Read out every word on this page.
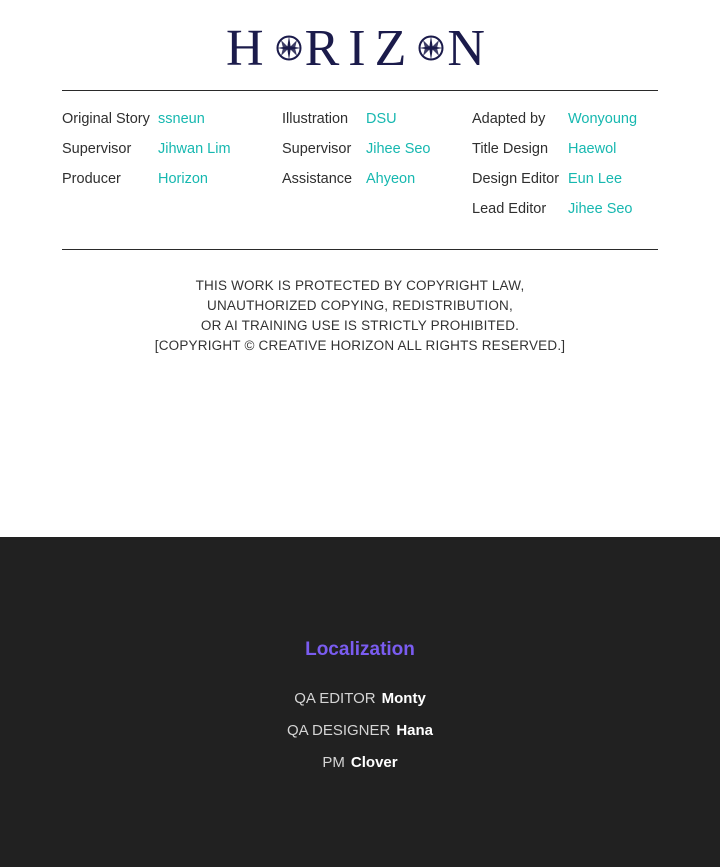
H RIZ N
Original Story ssneun
Supervisor	Jihwan Lim
Producer	Horizon
Illustration	DSU
Supervisor	Jihee Seo
Assistance Ahyeon
Adapted by	Wonyoung
Title Design	Haewol
Design Editor Eun Lee
Lead Editor	Jihee Seo
THIS WORK IS PROTECTED BY COPYRIGHT LAW,
UNAUTHORIZED COPYING, REDISTRIBUTION,
OR AI TRAINING USE IS STRICTLY PROHIBITED.
[COPYRIGHT © CREATIVE HORIZON ALL RIGHTS RESERVED.]
Localization
QA EDITOR Monty
QA DESIGNER Hana
PM Clover
